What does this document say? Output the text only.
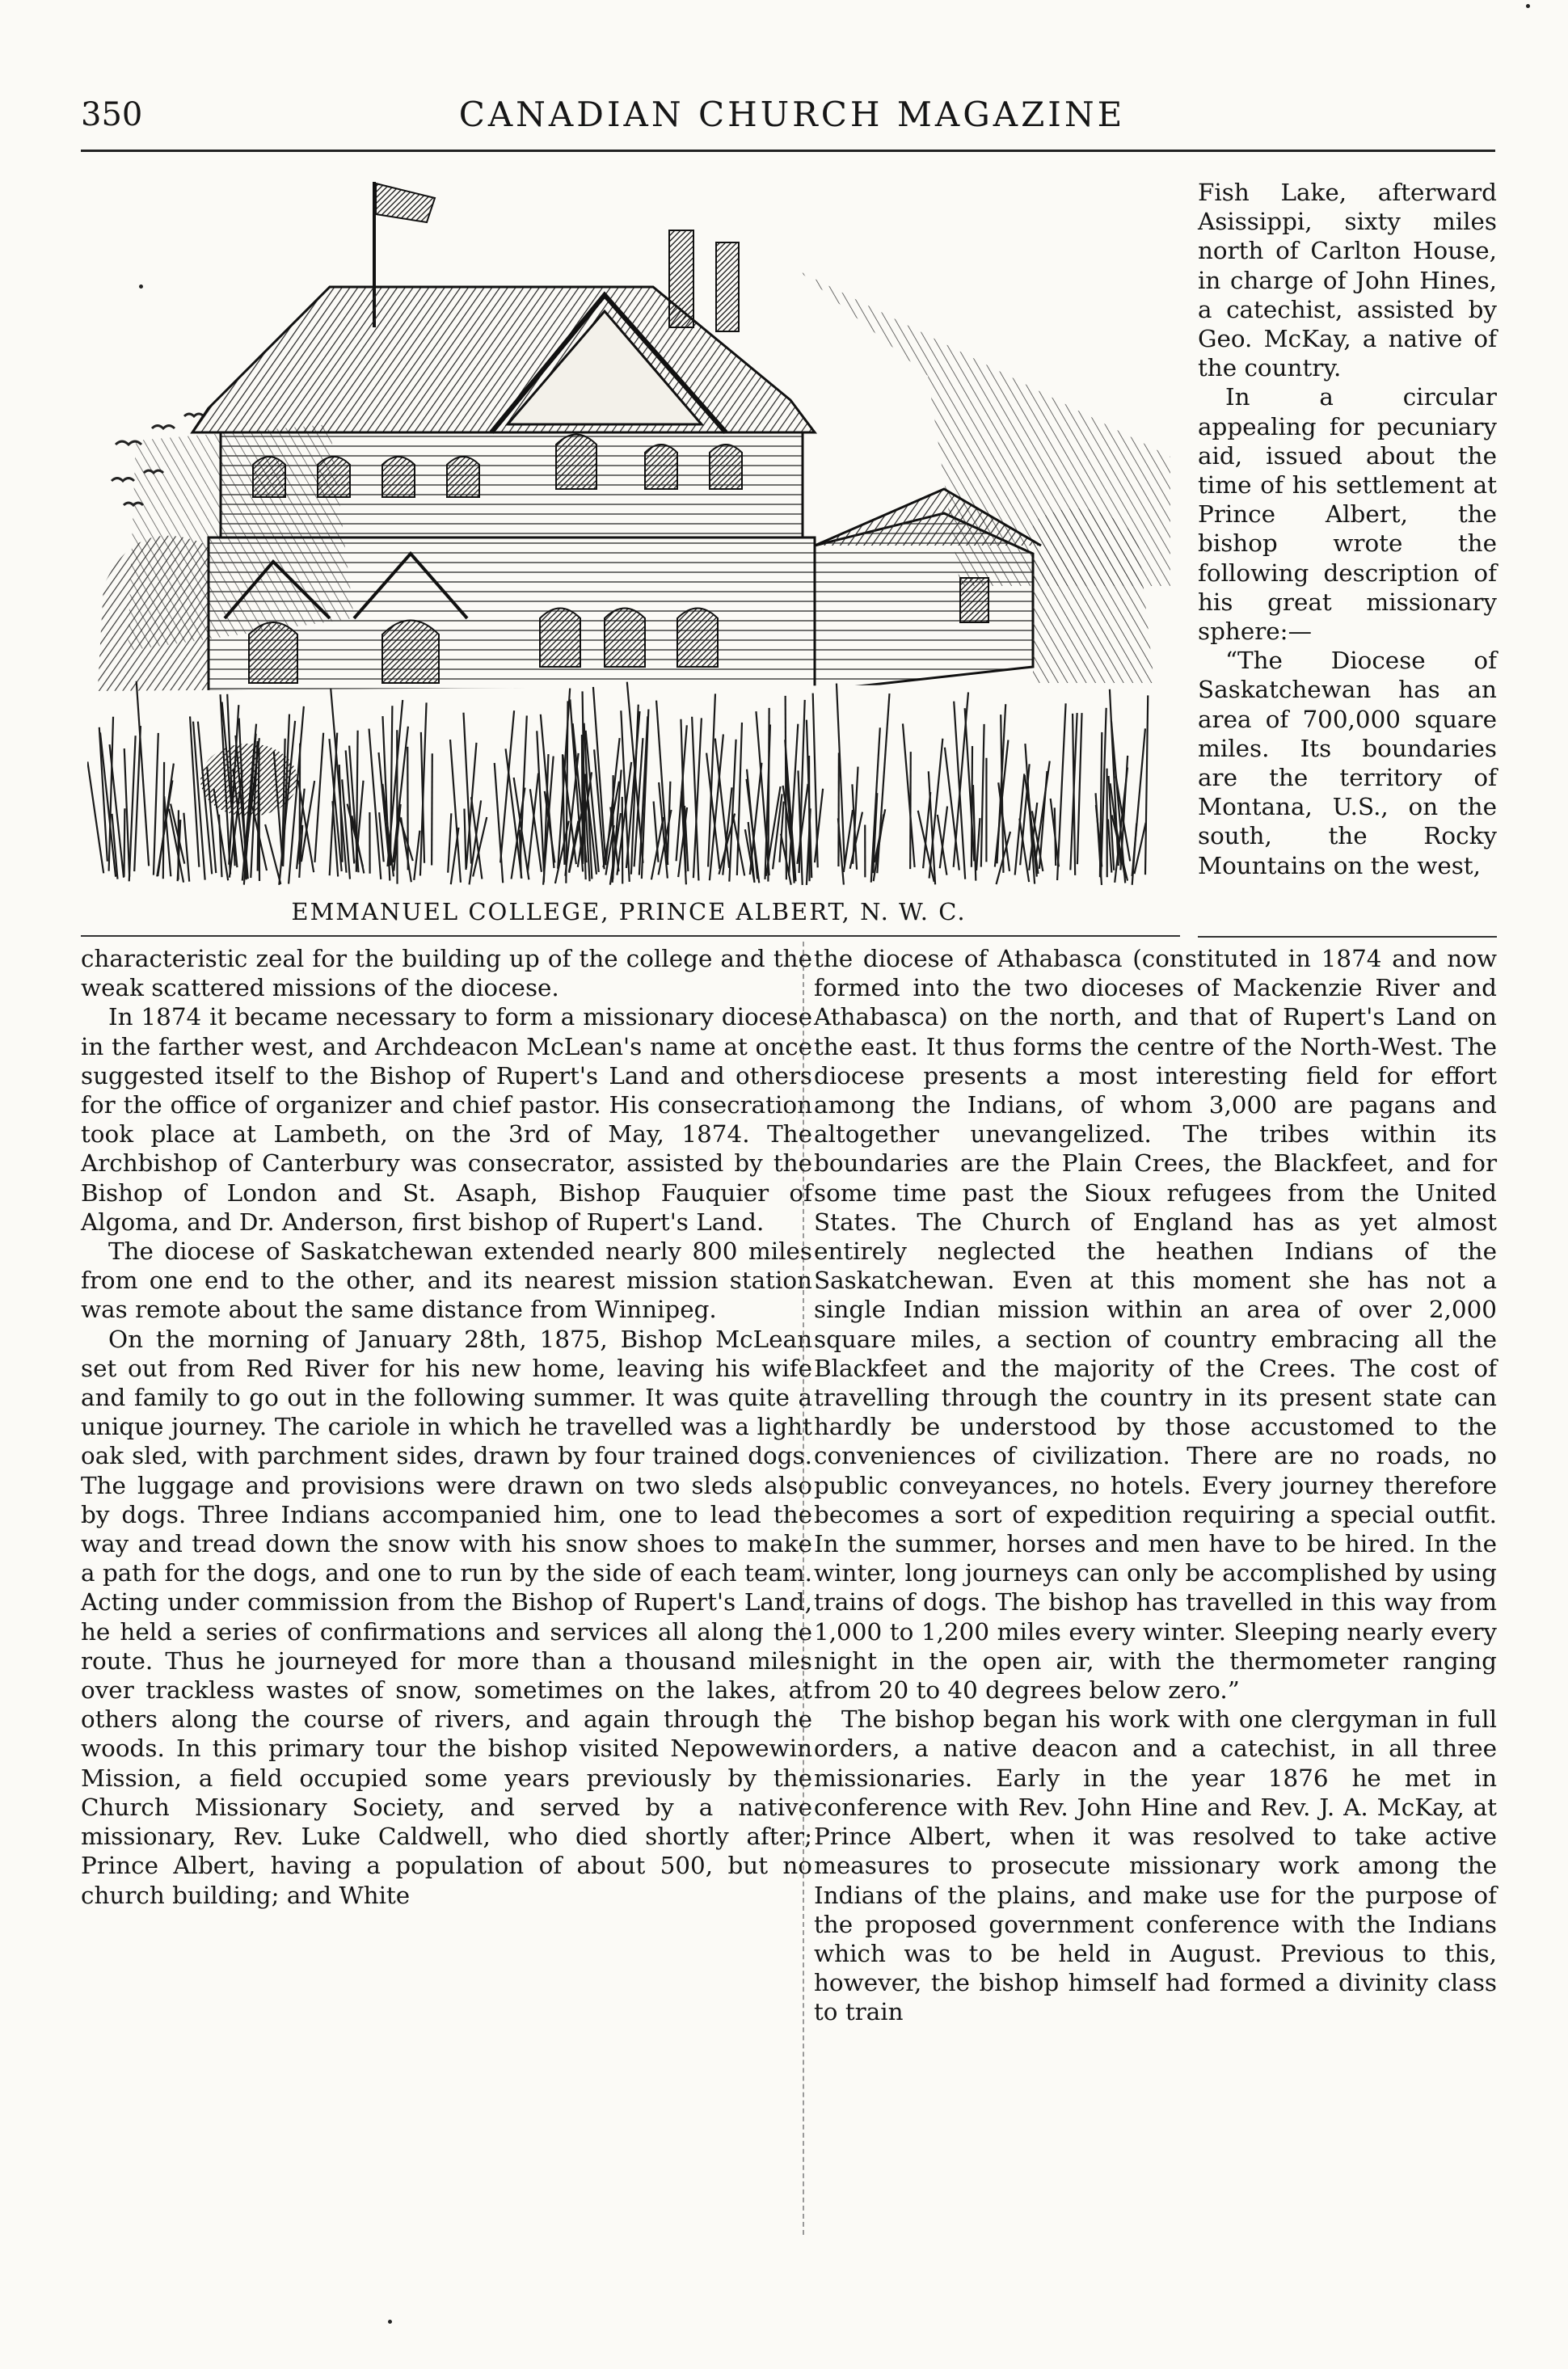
350	CANADIAN CHURCH MAGAZINE
EMMANUEL COLLEGE, PRINCE ALBERT, N. W. C.
Fish Lake, afterward Asissippi, sixty miles north of Carlton House, in charge of John Hines, a catechist, assisted by Geo. McKay, a native of the country.
In a circular appealing for pecuniary aid, issued about the time of his settlement at Prince Albert, the bishop wrote the following description of his great missionary sphere:—
“The Diocese of Saskatchewan has an area of 700,000 square miles. Its boundaries are the territory of Montana, U.S., on the south, the Rocky Mountains on the west,
characteristic zeal for the building up of the college and the weak scattered missions of the diocese.
In 1874 it became necessary to form a missionary diocese in the farther west, and Archdeacon McLean's name at once suggested itself to the Bishop of Rupert's Land and others for the office of organizer and chief pastor. His consecration took place at Lambeth, on the 3rd of May, 1874. The Archbishop of Canterbury was consecrator, assisted by the Bishop of London and St. Asaph, Bishop Fauquier of Algoma, and Dr. Anderson, first bishop of Rupert's Land.
The diocese of Saskatchewan extended nearly 800 miles from one end to the other, and its nearest mission station was remote about the same distance from Winnipeg.
On the morning of January 28th, 1875, Bishop McLean set out from Red River for his new home, leaving his wife and family to go out in the following summer. It was quite a unique journey. The cariole in which he travelled was a light oak sled, with parchment sides, drawn by four trained dogs. The luggage and provisions were drawn on two sleds also by dogs. Three Indians accompanied him, one to lead the way and tread down the snow with his snow shoes to make a path for the dogs, and one to run by the side of each team. Acting under commission from the Bishop of Rupert's Land, he held a series of confirmations and services all along the route. Thus he journeyed for more than a thousand miles over trackless wastes of snow, sometimes on the lakes, at others along the course of rivers, and again through the woods. In this primary tour the bishop visited Nepowewin Mission, a field occupied some years previously by the Church Missionary Society, and served by a native missionary, Rev. Luke Caldwell, who died shortly after; Prince Albert, having a population of about 500, but no church building; and White
the diocese of Athabasca (constituted in 1874 and now formed into the two dioceses of Mackenzie River and Athabasca) on the north, and that of Rupert's Land on the east. It thus forms the centre of the North-West. The diocese presents a most interesting field for effort among the Indians, of whom 3,000 are pagans and altogether unevangelized. The tribes within its boundaries are the Plain Crees, the Blackfeet, and for some time past the Sioux refugees from the United States. The Church of England has as yet almost entirely neglected the heathen Indians of the Saskatchewan. Even at this moment she has not a single Indian mission within an area of over 2,000 square miles, a section of country embracing all the Blackfeet and the majority of the Crees. The cost of travelling through the country in its present state can hardly be understood by those accustomed to the conveniences of civilization. There are no roads, no public conveyances, no hotels. Every journey therefore becomes a sort of expedition requiring a special outfit. In the summer, horses and men have to be hired. In the winter, long journeys can only be accomplished by using trains of dogs. The bishop has travelled in this way from 1,000 to 1,200 miles every winter. Sleeping nearly every night in the open air, with the thermometer ranging from 20 to 40 degrees below zero.”
The bishop began his work with one clergyman in full orders, a native deacon and a catechist, in all three missionaries. Early in the year 1876 he met in conference with Rev. John Hine and Rev. J. A. McKay, at Prince Albert, when it was resolved to take active measures to prosecute missionary work among the Indians of the plains, and make use for the purpose of the proposed government conference with the Indians which was to be held in August. Previous to this, however, the bishop himself had formed a divinity class to train
